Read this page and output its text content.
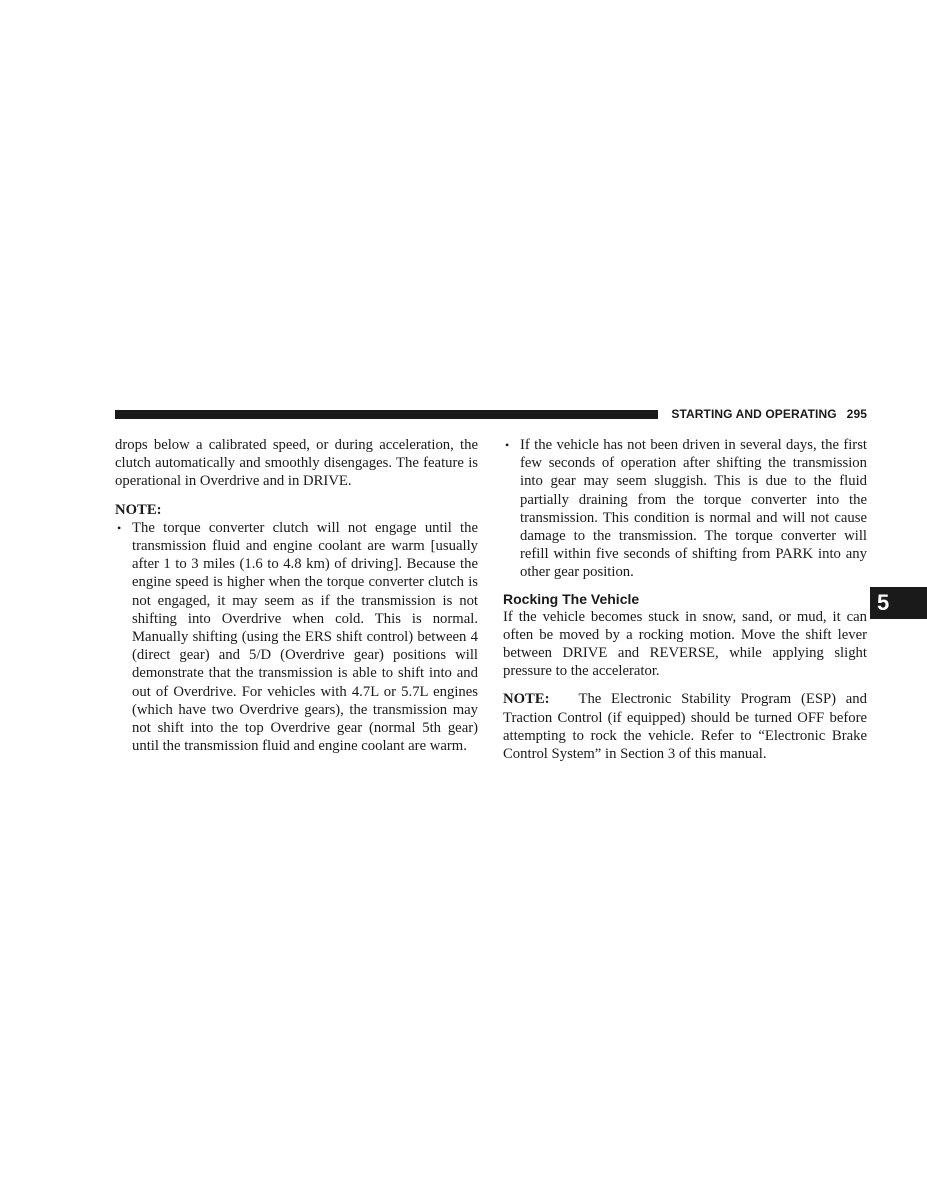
STARTING AND OPERATING 295

drops below a calibrated speed, or during acceleration, the clutch automatically and smoothly disengages. The feature is operational in Overdrive and in DRIVE.

NOTE:
• The torque converter clutch will not engage until the transmission fluid and engine coolant are warm [usually after 1 to 3 miles (1.6 to 4.8 km) of driving]. Because the engine speed is higher when the torque converter clutch is not engaged, it may seem as if the transmission is not shifting into Overdrive when cold. This is normal. Manually shifting (using the ERS shift control) between 4 (direct gear) and 5/D (Overdrive gear) positions will demonstrate that the transmission is able to shift into and out of Overdrive. For vehicles with 4.7L or 5.7L engines (which have two Overdrive gears), the transmission may not shift into the top Overdrive gear (normal 5th gear) until the transmission fluid and engine coolant are warm.
• If the vehicle has not been driven in several days, the first few seconds of operation after shifting the transmission into gear may seem sluggish. This is due to the fluid partially draining from the torque converter into the transmission. This condition is normal and will not cause damage to the transmission. The torque converter will refill within five seconds of shifting from PARK into any other gear position.
Rocking The Vehicle

If the vehicle becomes stuck in snow, sand, or mud, it can often be moved by a rocking motion. Move the shift lever between DRIVE and REVERSE, while applying slight pressure to the accelerator.

NOTE: The Electronic Stability Program (ESP) and Traction Control (if equipped) should be turned OFF before attempting to rock the vehicle. Refer to “Electronic Brake Control System” in Section 3 of this manual.

5
